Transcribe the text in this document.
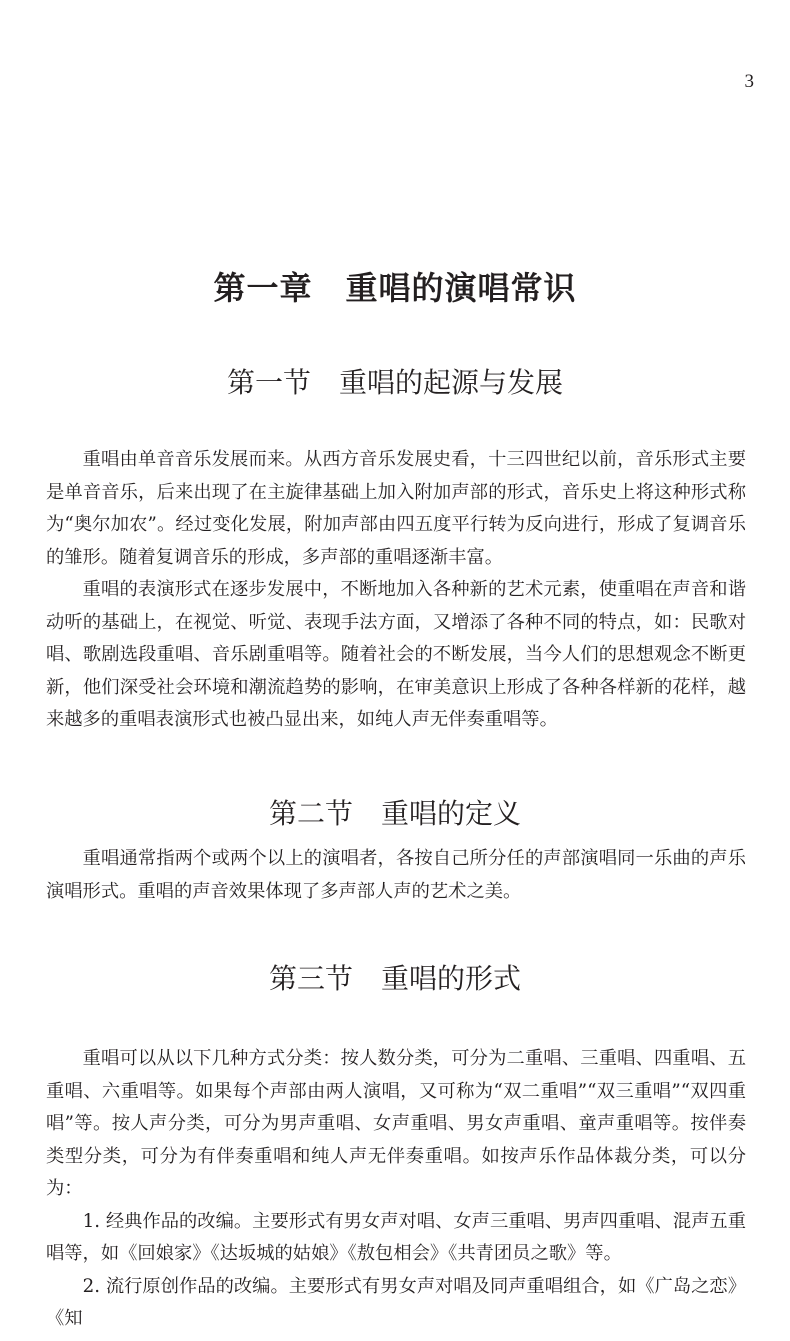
3
第一章　重唱的演唱常识
第一节　重唱的起源与发展

重唱由单音音乐发展而来。从西方音乐发展史看，十三四世纪以前，音乐形式主要是单音音乐，后来出现了在主旋律基础上加入附加声部的形式，音乐史上将这种形式称为“奥尔加农”。经过变化发展，附加声部由四五度平行转为反向进行，形成了复调音乐的雏形。随着复调音乐的形成，多声部的重唱逐渐丰富。

重唱的表演形式在逐步发展中，不断地加入各种新的艺术元素，使重唱在声音和谐动听的基础上，在视觉、听觉、表现手法方面，又增添了各种不同的特点，如：民歌对唱、歌剧选段重唱、音乐剧重唱等。随着社会的不断发展，当今人们的思想观念不断更新，他们深受社会环境和潮流趋势的影响，在审美意识上形成了各种各样新的花样，越来越多的重唱表演形式也被凸显出来，如纯人声无伴奏重唱等。

第二节　重唱的定义

重唱通常指两个或两个以上的演唱者，各按自己所分任的声部演唱同一乐曲的声乐演唱形式。重唱的声音效果体现了多声部人声的艺术之美。

第三节　重唱的形式

重唱可以从以下几种方式分类：按人数分类，可分为二重唱、三重唱、四重唱、五重唱、六重唱等。如果每个声部由两人演唱，又可称为“双二重唱”“双三重唱”“双四重唱”等。按人声分类，可分为男声重唱、女声重唱、男女声重唱、童声重唱等。按伴奏类型分类，可分为有伴奏重唱和纯人声无伴奏重唱。如按声乐作品体裁分类，可以分为：

1. 经典作品的改编。主要形式有男女声对唱、女声三重唱、男声四重唱、混声五重唱等，如《回娘家》《达坂城的姑娘》《敖包相会》《共青团员之歌》等。

2. 流行原创作品的改编。主要形式有男女声对唱及同声重唱组合，如《广岛之恋》《知
